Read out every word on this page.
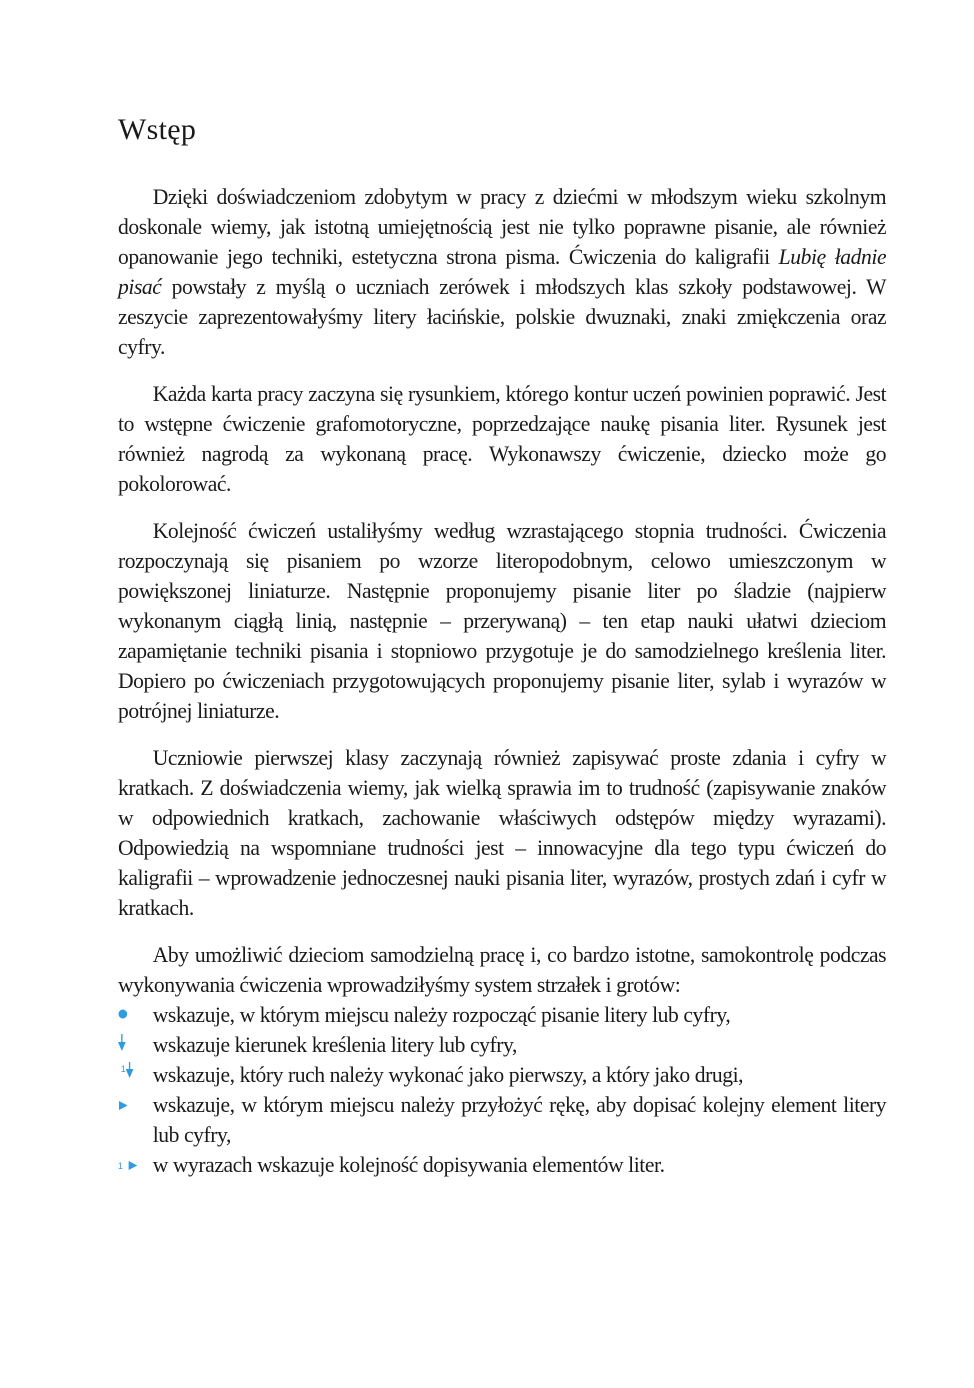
Wstęp

Dzięki doświadczeniom zdobytym w pracy z dziećmi w młodszym wieku szkolnym doskonale wiemy, jak istotną umiejętnością jest nie tylko poprawne pisanie, ale również opanowanie jego techniki, estetyczna strona pisma. Ćwiczenia do kaligrafii Lubię ładnie pisać powstały z myślą o uczniach zerówek i młodszych klas szkoły podstawowej. W zeszycie zaprezentowałyśmy litery łacińskie, polskie dwuznaki, znaki zmiękczenia oraz cyfry.

Każda karta pracy zaczyna się rysunkiem, którego kontur uczeń powinien poprawić. Jest to wstępne ćwiczenie grafomotoryczne, poprzedzające naukę pisania liter. Rysunek jest również nagrodą za wykonaną pracę. Wykonawszy ćwiczenie, dziecko może go pokolorować.

Kolejność ćwiczeń ustaliłyśmy według wzrastającego stopnia trudności. Ćwiczenia rozpoczynają się pisaniem po wzorze literopodobnym, celowo umieszczonym w powiększonej liniaturze. Następnie proponujemy pisanie liter po śladzie (najpierw wykonanym ciągłą linią, następnie – przerywaną) – ten etap nauki ułatwi dzieciom zapamiętanie techniki pisania i stopniowo przygotuje je do samodzielnego kreślenia liter. Dopiero po ćwiczeniach przygotowujących proponujemy pisanie liter, sylab i wyrazów w potrójnej liniaturze.

Uczniowie pierwszej klasy zaczynają również zapisywać proste zdania i cyfry w kratkach. Z doświadczenia wiemy, jak wielką sprawia im to trudność (zapisywanie znaków w odpowiednich kratkach, zachowanie właściwych odstępów między wyrazami). Odpowiedzią na wspomniane trudności jest – innowacyjne dla tego typu ćwiczeń do kaligrafii – wprowadzenie jednoczesnej nauki pisania liter, wyrazów, prostych zdań i cyfr w kratkach.

Aby umożliwić dzieciom samodzielną pracę i, co bardzo istotne, samokontrolę podczas wykonywania ćwiczenia wprowadziłyśmy system strzałek i grotów:

wskazuje, w którym miejscu należy rozpocząć pisanie litery lub cyfry,
wskazuje kierunek kreślenia litery lub cyfry,
1 wskazuje, który ruch należy wykonać jako pierwszy, a który jako drugi,
wskazuje, w którym miejscu należy przyłożyć rękę, aby dopisać kolejny element litery lub cyfry,
1 w wyrazach wskazuje kolejność dopisywania elementów liter.
